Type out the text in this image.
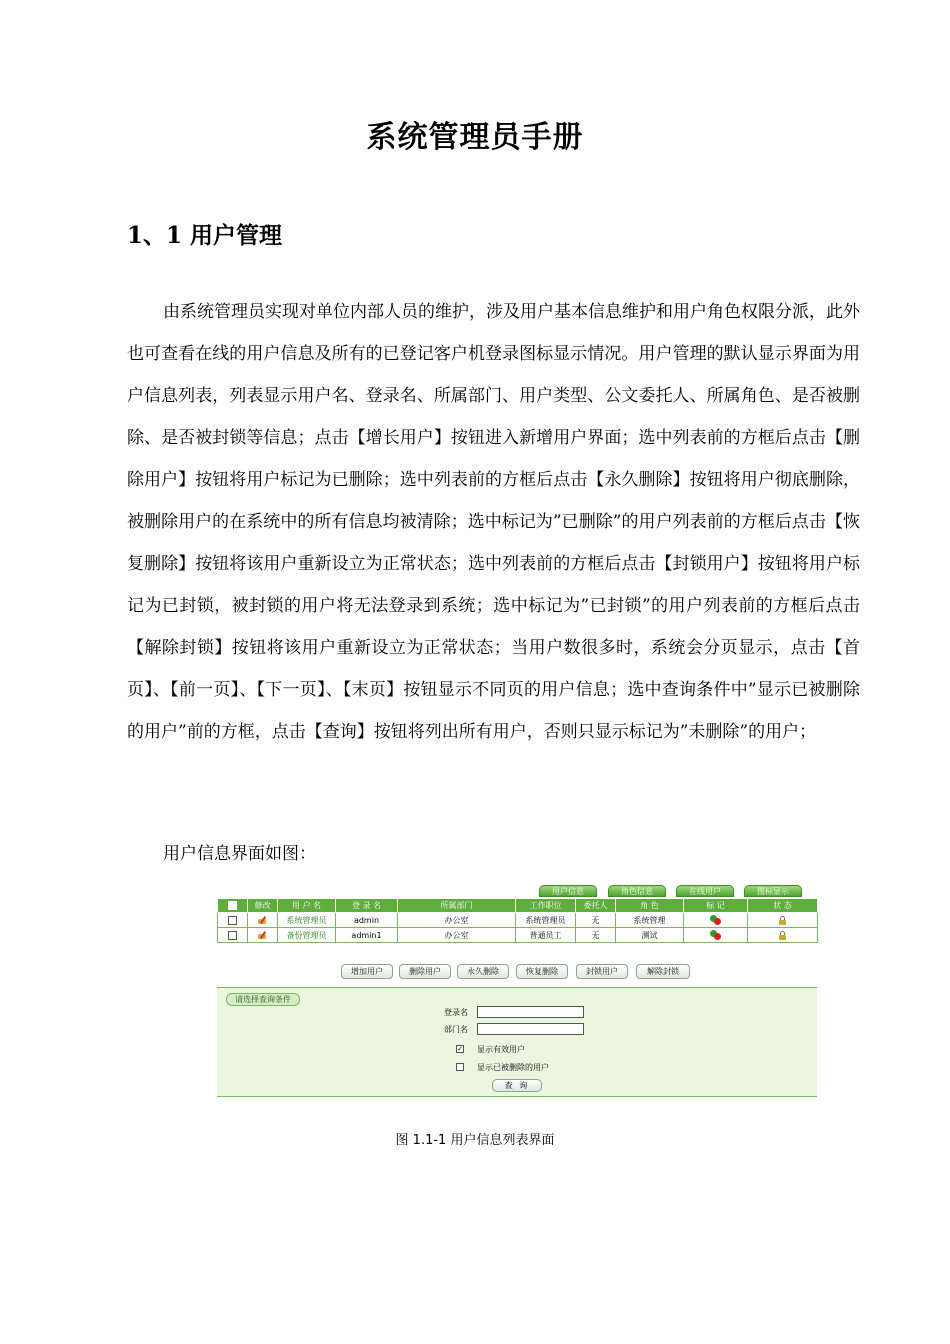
系统管理员手册
1、1 用户管理
由系统管理员实现对单位内部人员的维护，涉及用户基本信息维护和用户角色权限分派，此外也可查看在线的用户信息及所有的已登记客户机登录图标显示情况。用户管理的默认显示界面为用户信息列表，列表显示用户名、登录名、所属部门、用户类型、公文委托人、所属角色、是否被删除、是否被封锁等信息；点击【增长用户】按钮进入新增用户界面；选中列表前的方框后点击【删除用户】按钮将用户标记为已删除；选中列表前的方框后点击【永久删除】按钮将用户彻底删除，被删除用户的在系统中的所有信息均被清除；选中标记为”已删除”的用户列表前的方框后点击【恢复删除】按钮将该用户重新设立为正常状态；选中列表前的方框后点击【封锁用户】按钮将用户标记为已封锁，被封锁的用户将无法登录到系统；选中标记为”已封锁”的用户列表前的方框后点击【解除封锁】按钮将该用户重新设立为正常状态；当用户数很多时，系统会分页显示，点击【首页】、【前一页】、【下一页】、【末页】按钮显示不同页的用户信息；选中查询条件中”显示已被删除的用户”前的方框，点击【查询】按钮将列出所有用户，否则只显示标记为”未删除”的用户；
用户信息界面如图：
用户信息	角色信息	在线用户	图标显示
	修改	用 户 名	登 录 名	所属部门	工作职位	委托人	角 色	标 记	状 态
		系统管理员	admin	办公室	系统管理员	无	系统管理	

		备份管理员	admin1	办公室	普通员工	无	测试	

增加用户	删除用户	永久删除	恢复删除	封锁用户	解除封锁
请选择查询条件
登录名
部门名
✓ 显示有效用户
显示已被删除的用户
查 询
图 1.1-1 用户信息列表界面
